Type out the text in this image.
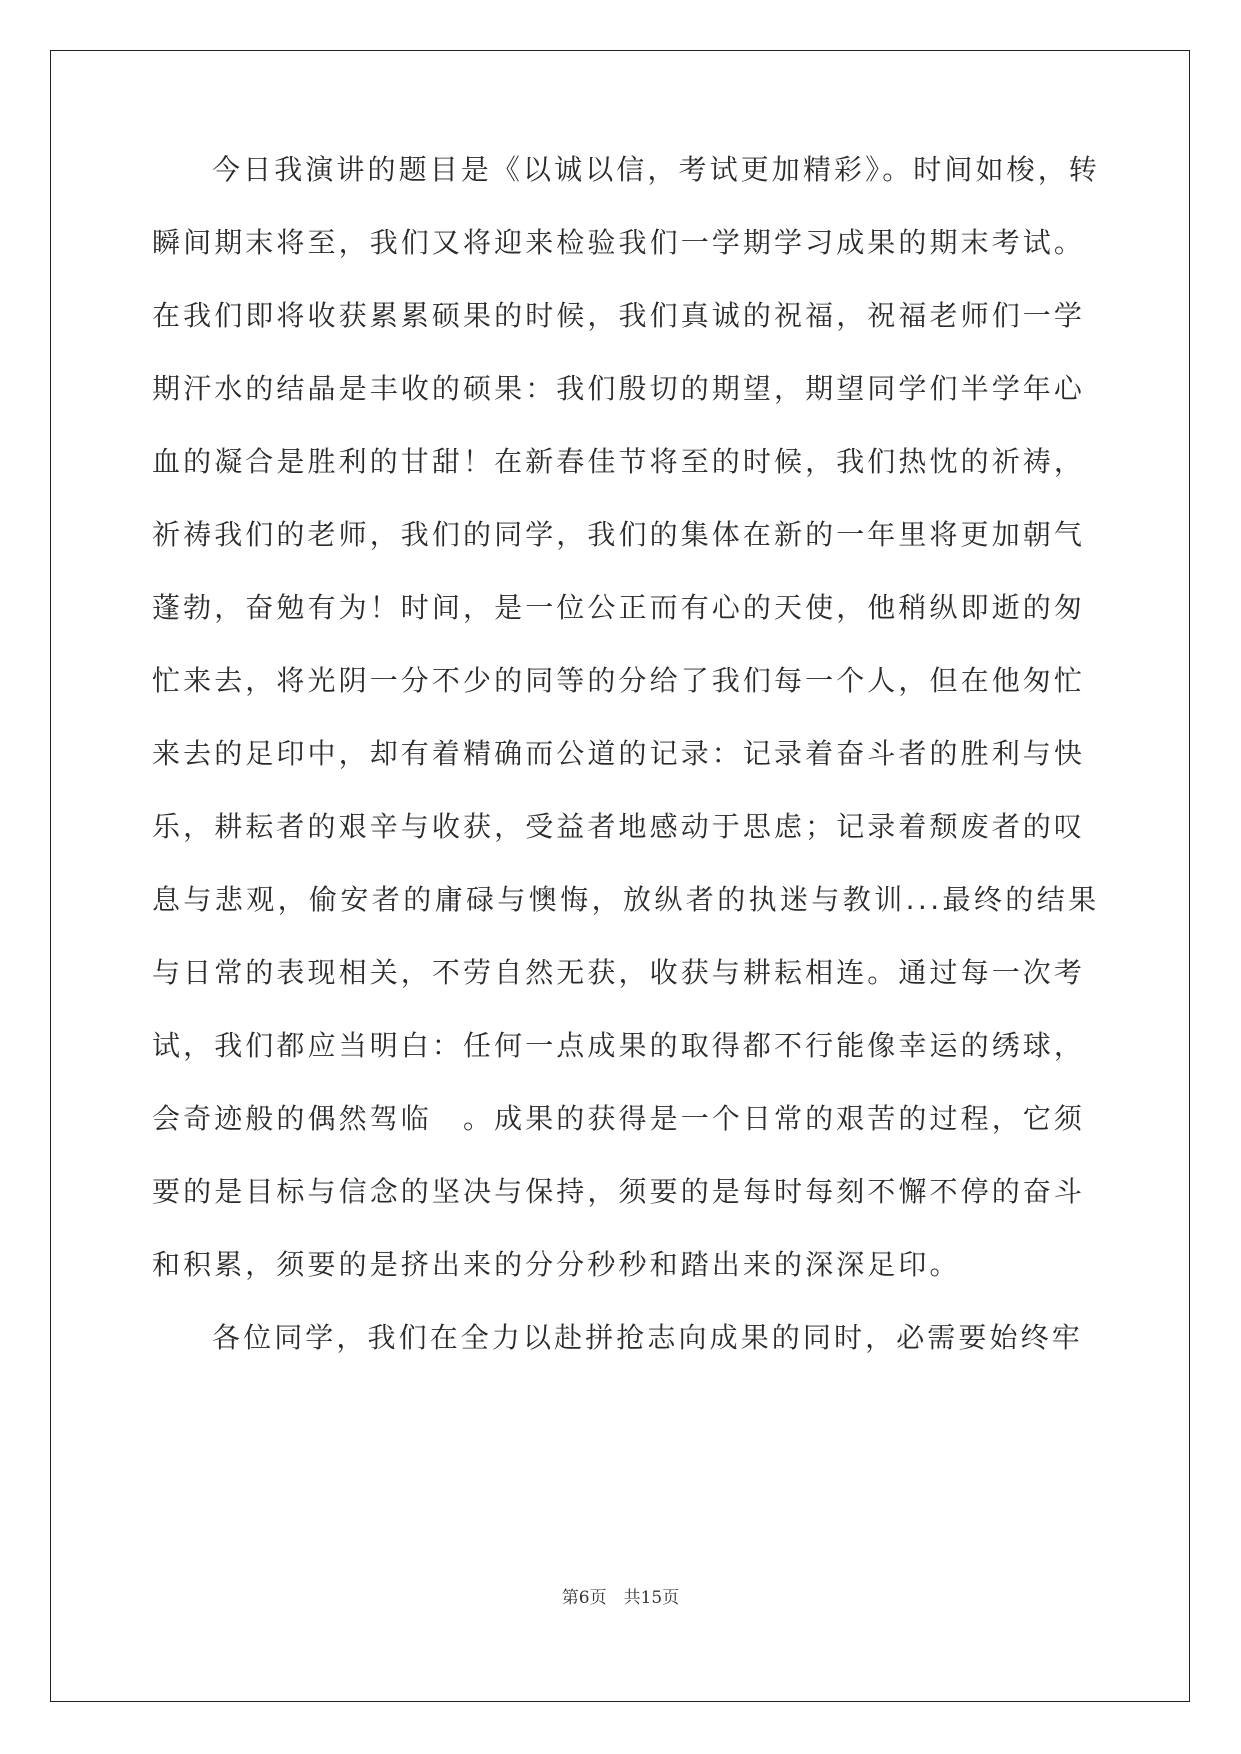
今日我演讲的题目是《以诚以信，考试更加精彩》。时间如梭，转
瞬间期末将至，我们又将迎来检验我们一学期学习成果的期末考试。
在我们即将收获累累硕果的时候，我们真诚的祝福，祝福老师们一学
期汗水的结晶是丰收的硕果：我们殷切的期望，期望同学们半学年心
血的凝合是胜利的甘甜！在新春佳节将至的时候，我们热忱的祈祷，
祈祷我们的老师，我们的同学，我们的集体在新的一年里将更加朝气
蓬勃，奋勉有为！时间，是一位公正而有心的天使，他稍纵即逝的匆
忙来去，将光阴一分不少的同等的分给了我们每一个人，但在他匆忙
来去的足印中，却有着精确而公道的记录：记录着奋斗者的胜利与快
乐，耕耘者的艰辛与收获，受益者地感动于思虑；记录着颓废者的叹
息与悲观，偷安者的庸碌与懊悔，放纵者的执迷与教训...最终的结果
与日常的表现相关，不劳自然无获，收获与耕耘相连。通过每一次考
试，我们都应当明白：任何一点成果的取得都不行能像幸运的绣球，
会奇迹般的偶然驾临　。成果的获得是一个日常的艰苦的过程，它须
要的是目标与信念的坚决与保持，须要的是每时每刻不懈不停的奋斗
和积累，须要的是挤出来的分分秒秒和踏出来的深深足印。
各位同学，我们在全力以赴拼抢志向成果的同时，必需要始终牢
第6页　共15页
